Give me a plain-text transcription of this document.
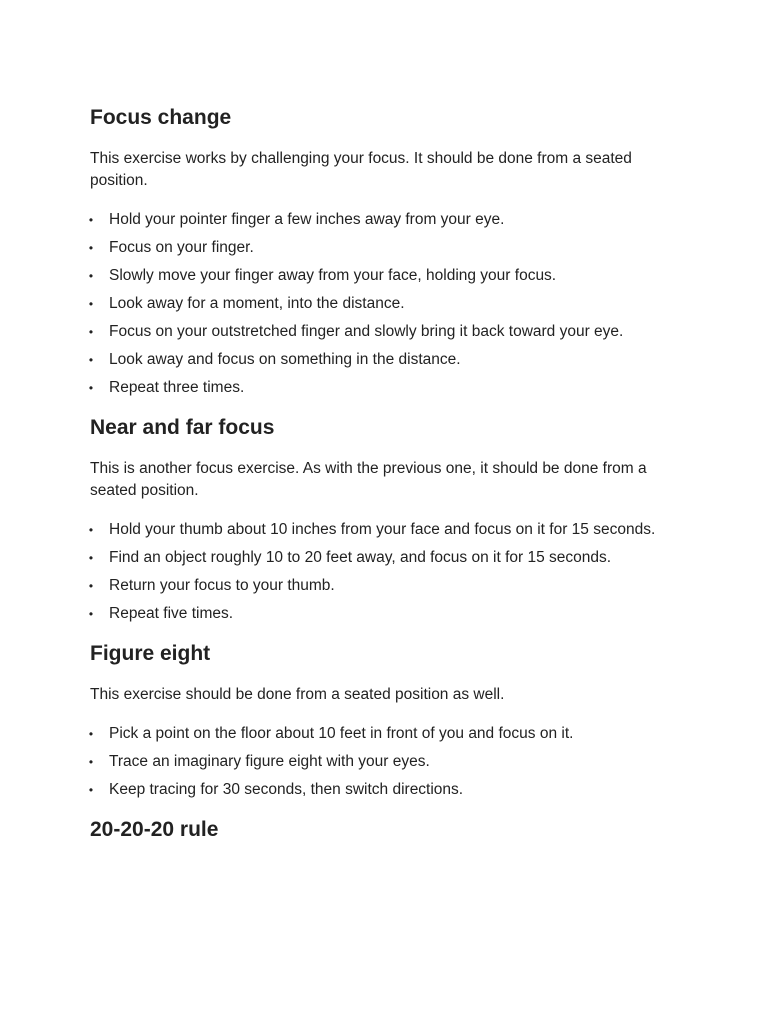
Focus change

This exercise works by challenging your focus. It should be done from a seated position.

• Hold your pointer finger a few inches away from your eye.
• Focus on your finger.
• Slowly move your finger away from your face, holding your focus.
• Look away for a moment, into the distance.
• Focus on your outstretched finger and slowly bring it back toward your eye.
• Look away and focus on something in the distance.
• Repeat three times.
Near and far focus

This is another focus exercise. As with the previous one, it should be done from a seated position.

• Hold your thumb about 10 inches from your face and focus on it for 15 seconds.
• Find an object roughly 10 to 20 feet away, and focus on it for 15 seconds.
• Return your focus to your thumb.
• Repeat five times.
Figure eight

This exercise should be done from a seated position as well.

• Pick a point on the floor about 10 feet in front of you and focus on it.
• Trace an imaginary figure eight with your eyes.
• Keep tracing for 30 seconds, then switch directions.
20-20-20 rule
